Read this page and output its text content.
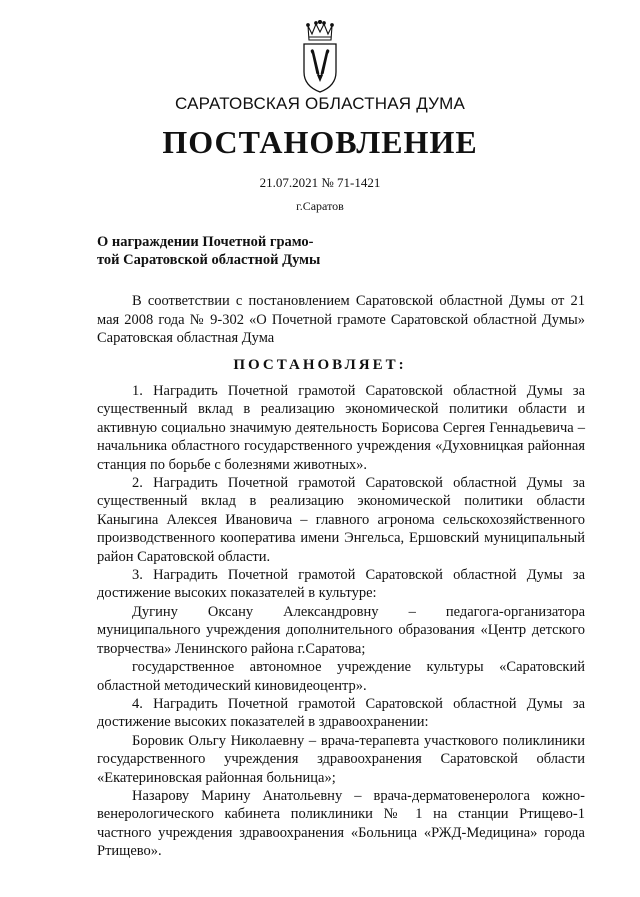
САРАТОВСКАЯ ОБЛАСТНАЯ ДУМА
ПОСТАНОВЛЕНИЕ
21.07.2021 № 71-1421
г.Саратов
О награждении Почетной грамо-
той Саратовской областной Думы

В соответствии с постановлением Саратовской областной Думы от 21 мая 2008 года № 9-302 «О Почетной грамоте Саратовской областной Думы» Саратовская областная Дума

ПОСТАНОВЛЯЕТ:

1. Наградить Почетной грамотой Саратовской областной Думы за существенный вклад в реализацию экономической политики области и активную социально значимую деятельность Борисова Сергея Геннадьевича – начальника областного государственного учреждения «Духовницкая районная станция по борьбе с болезнями животных».

2. Наградить Почетной грамотой Саратовской областной Думы за существенный вклад в реализацию экономической политики области Каныгина Алексея Ивановича – главного агронома сельскохозяйственного производственного кооператива имени Энгельса, Ершовский муниципальный район Саратовской области.

3. Наградить Почетной грамотой Саратовской областной Думы за достижение высоких показателей в культуре:

Дугину Оксану Александровну – педагога-организатора муниципального учреждения дополнительного образования «Центр детского творчества» Ленинского района г.Саратова;

государственное автономное учреждение культуры «Саратовский областной методический киновидеоцентр».

4. Наградить Почетной грамотой Саратовской областной Думы за достижение высоких показателей в здравоохранении:

Боровик Ольгу Николаевну – врача-терапевта участкового поликлиники государственного учреждения здравоохранения Саратовской области «Екатериновская районная больница»;

Назарову Марину Анатольевну – врача-дерматовенеролога кожно-венерологического кабинета поликлиники № 1 на станции Ртищево-1 частного учреждения здравоохранения «Больница «РЖД-Медицина» города Ртищево».
